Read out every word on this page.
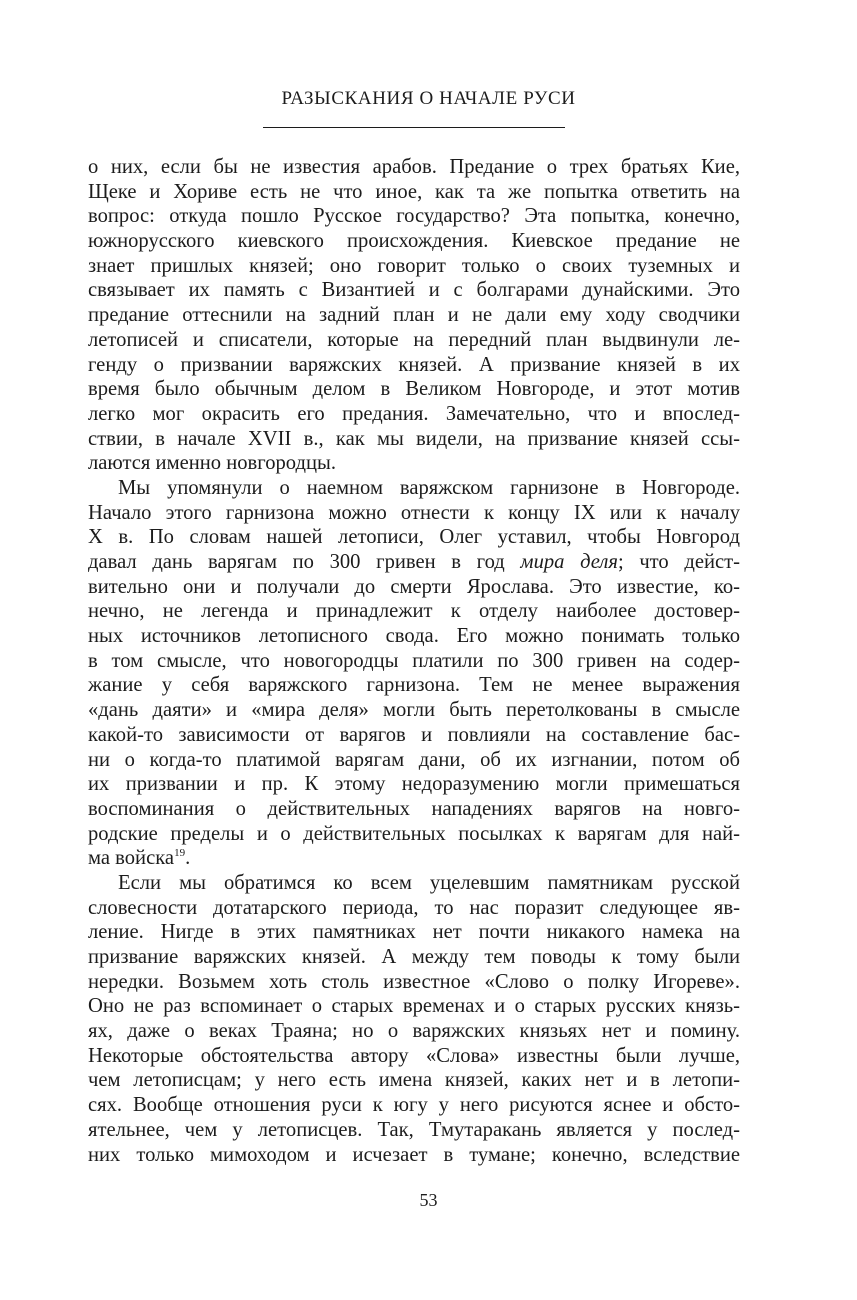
РАЗЫСКАНИЯ О НАЧАЛЕ РУСИ
о них, если бы не известия арабов. Предание о трех братьях Кие,
Щеке и Хориве есть не что иное, как та же попытка ответить на
вопрос: откуда пошло Русское государство? Эта попытка, конечно,
южнорусского киевского происхождения. Киевское предание не
знает пришлых князей; оно говорит только о своих туземных и
связывает их память с Византией и с болгарами дунайскими. Это
предание оттеснили на задний план и не дали ему ходу сводчики
летописей и списатели, которые на передний план выдвинули ле-
генду о призвании варяжских князей. А призвание князей в их
время было обычным делом в Великом Новгороде, и этот мотив
легко мог окрасить его предания. Замечательно, что и впослед-
ствии, в начале XVII в., как мы видели, на призвание князей ссы-
лаются именно новгородцы.
Мы упомянули о наемном варяжском гарнизоне в Новгороде.
Начало этого гарнизона можно отнести к концу IX или к началу
X в. По словам нашей летописи, Олег уставил, чтобы Новгород
давал дань варягам по 300 гривен в год мира деля; что дейст-
вительно они и получали до смерти Ярослава. Это известие, ко-
нечно, не легенда и принадлежит к отделу наиболее достовер-
ных источников летописного свода. Его можно понимать только
в том смысле, что новогородцы платили по 300 гривен на содер-
жание у себя варяжского гарнизона. Тем не менее выражения
«дань даяти» и «мира деля» могли быть перетолкованы в смысле
какой-то зависимости от варягов и повлияли на составление бас-
ни о когда-то платимой варягам дани, об их изгнании, потом об
их призвании и пр. К этому недоразумению могли примешаться
воспоминания о действительных нападениях варягов на новго-
родские пределы и о действительных посылках к варягам для най-
ма войска$^{19}$.
Если мы обратимся ко всем уцелевшим памятникам русской
словесности дотатарского периода, то нас поразит следующее яв-
ление. Нигде в этих памятниках нет почти никакого намека на
призвание варяжских князей. А между тем поводы к тому были
нередки. Возьмем хоть столь известное «Слово о полку Игореве».
Оно не раз вспоминает о старых временах и о старых русских князь-
ях, даже о веках Траяна; но о варяжских князьях нет и помину.
Некоторые обстоятельства автору «Слова» известны были лучше,
чем летописцам; у него есть имена князей, каких нет и в летопи-
сях. Вообще отношения руси к югу у него рисуются яснее и обсто-
ятельнее, чем у летописцев. Так, Тмутаракань является у послед-
них только мимоходом и исчезает в тумане; конечно, вследствие
53
